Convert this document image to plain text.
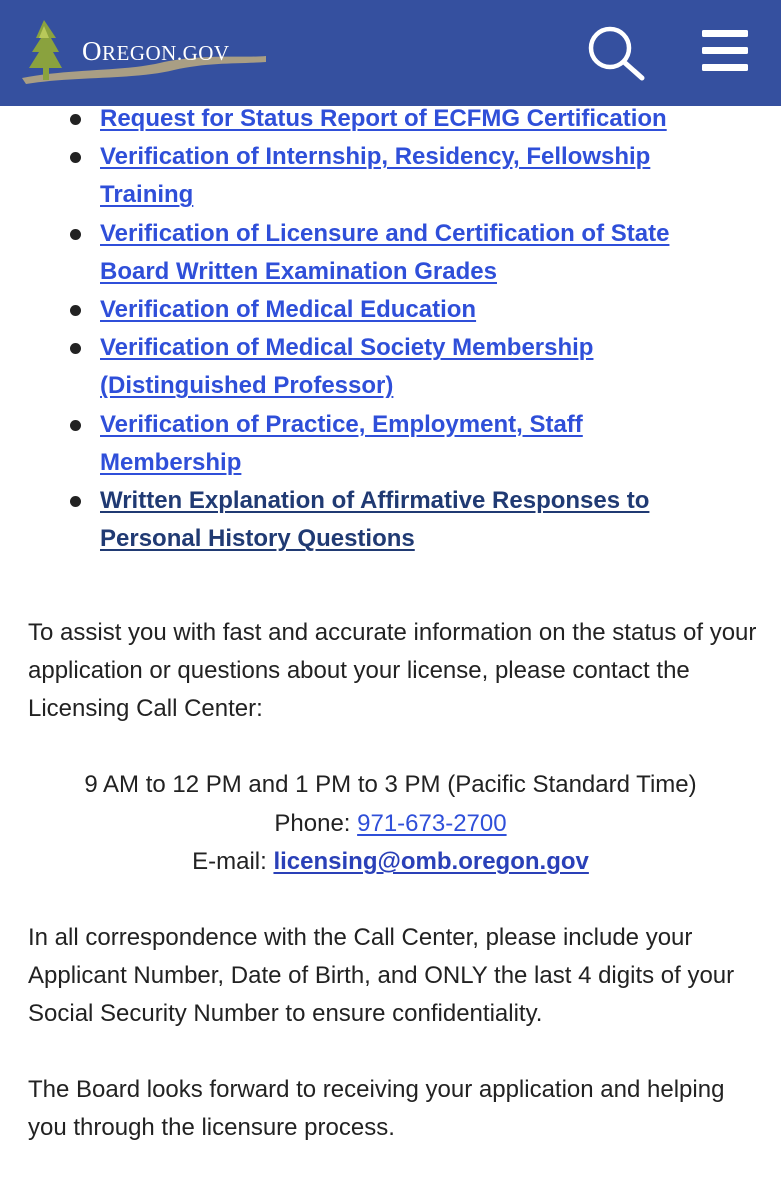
OREGON.GOV
Request for Status Report of ECFMG Certification
Verification of Internship, Residency, Fellowship Training
Verification of Licensure and Certification of State Board Written Examination Grades
Verification of Medical Education
Verification of Medical Society Membership (Distinguished Professor)
Verification of Practice, Employment, Staff Membership
Written Explanation of Affirmative Responses to Personal History Questions

To assist you with fast and accurate information on the status of your application or questions about your license, please contact the Licensing Call Center:

9 AM to 12 PM and 1 PM to 3 PM (Pacific Standard Time)
Phone: 971-673-2700
E-mail: licensing@omb.oregon.gov

In all correspondence with the Call Center, please include your Applicant Number, Date of Birth, and ONLY the last 4 digits of your Social Security Number to ensure confidentiality.

The Board looks forward to receiving your application and helping you through the licensure process.
